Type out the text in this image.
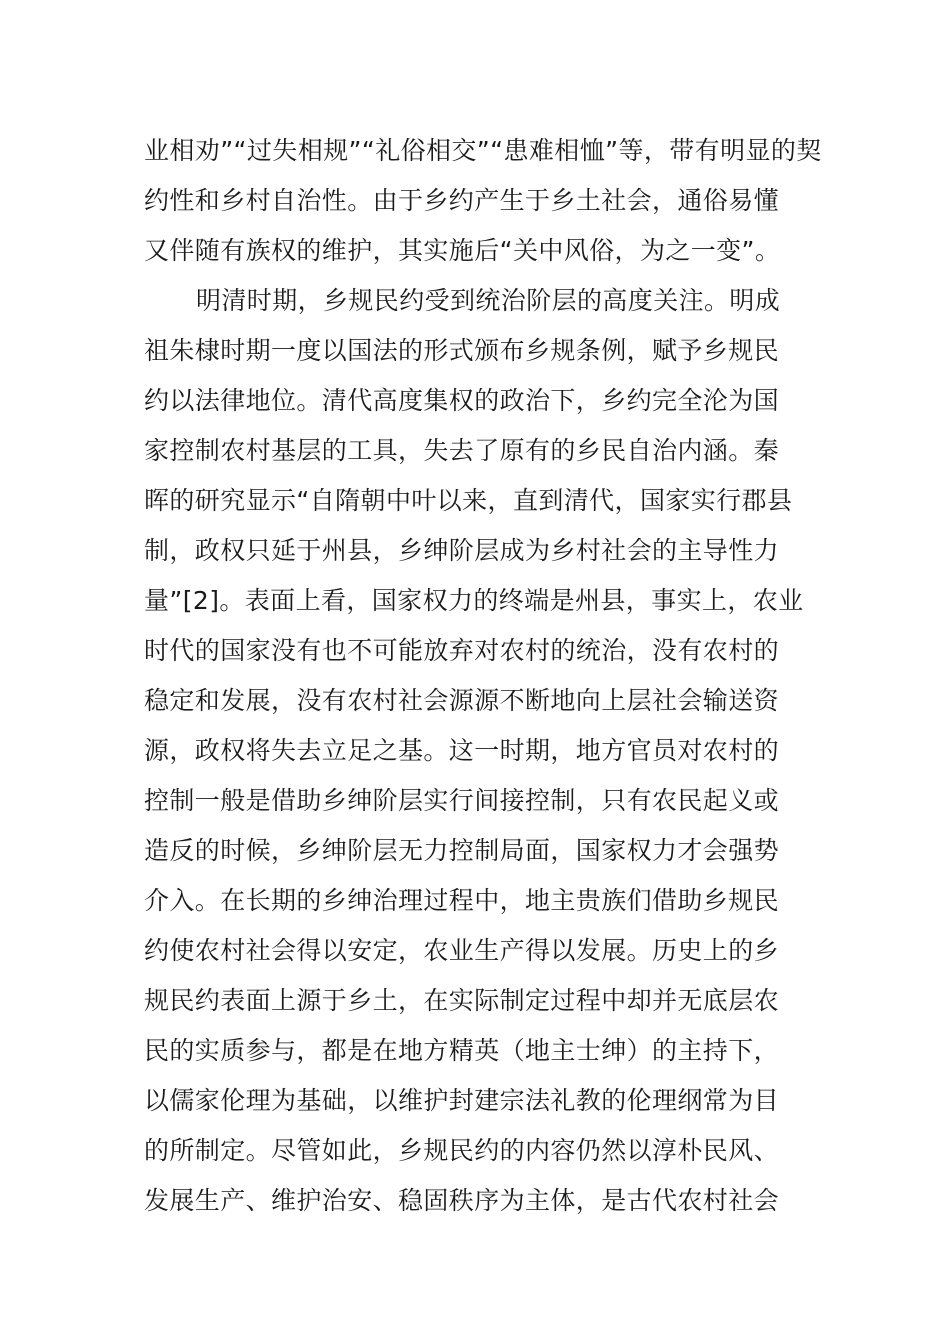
业相劝”“过失相规”“礼俗相交”“患难相恤”等，带有明显的契
约性和乡村自治性。由于乡约产生于乡土社会，通俗易懂
又伴随有族权的维护，其实施后“关中风俗，为之一变”。
明清时期，乡规民约受到统治阶层的高度关注。明成
祖朱棣时期一度以国法的形式颁布乡规条例，赋予乡规民
约以法律地位。清代高度集权的政治下，乡约完全沦为国
家控制农村基层的工具，失去了原有的乡民自治内涵。秦
晖的研究显示“自隋朝中叶以来，直到清代，国家实行郡县
制，政权只延于州县，乡绅阶层成为乡村社会的主导性力
量”[2]。表面上看，国家权力的终端是州县，事实上，农业
时代的国家没有也不可能放弃对农村的统治，没有农村的
稳定和发展，没有农村社会源源不断地向上层社会输送资
源，政权将失去立足之基。这一时期，地方官员对农村的
控制一般是借助乡绅阶层实行间接控制，只有农民起义或
造反的时候，乡绅阶层无力控制局面，国家权力才会强势
介入。在长期的乡绅治理过程中，地主贵族们借助乡规民
约使农村社会得以安定，农业生产得以发展。历史上的乡
规民约表面上源于乡土，在实际制定过程中却并无底层农
民的实质参与，都是在地方精英（地主士绅）的主持下，
以儒家伦理为基础，以维护封建宗法礼教的伦理纲常为目
的所制定。尽管如此，乡规民约的内容仍然以淳朴民风、
发展生产、维护治安、稳固秩序为主体，是古代农村社会
